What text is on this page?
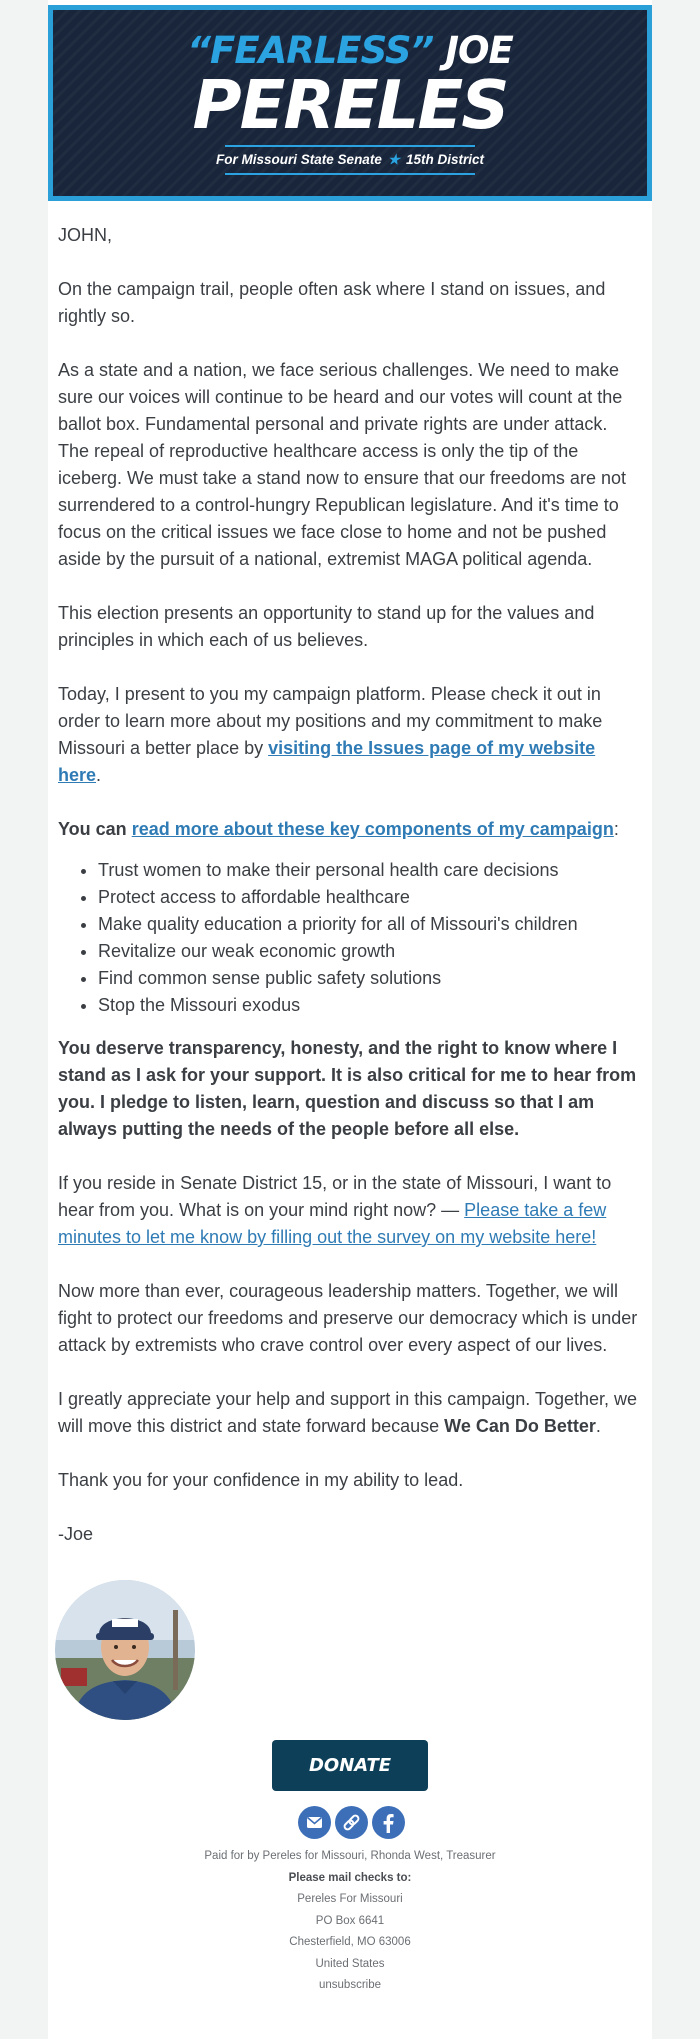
“FEARLESS” JOE
PERELES
For Missouri State Senate ★ 15th District

JOHN,

On the campaign trail, people often ask where I stand on issues, and rightly so.

As a state and a nation, we face serious challenges. We need to make sure our voices will continue to be heard and our votes will count at the ballot box. Fundamental personal and private rights are under attack. The repeal of reproductive healthcare access is only the tip of the iceberg. We must take a stand now to ensure that our freedoms are not surrendered to a control-hungry Republican legislature. And it's time to focus on the critical issues we face close to home and not be pushed aside by the pursuit of a national, extremist MAGA political agenda.

This election presents an opportunity to stand up for the values and principles in which each of us believes.

Today, I present to you my campaign platform. Please check it out in order to learn more about my positions and my commitment to make Missouri a better place by visiting the Issues page of my website here.

You can read more about these key components of my campaign:

• Trust women to make their personal health care decisions
• Protect access to affordable healthcare
• Make quality education a priority for all of Missouri's children
• Revitalize our weak economic growth
• Find common sense public safety solutions
• Stop the Missouri exodus

You deserve transparency, honesty, and the right to know where I stand as I ask for your support. It is also critical for me to hear from you. I pledge to listen, learn, question and discuss so that I am always putting the needs of the people before all else.

If you reside in Senate District 15, or in the state of Missouri, I want to hear from you. What is on your mind right now? — Please take a few minutes to let me know by filling out the survey on my website here!

Now more than ever, courageous leadership matters. Together, we will fight to protect our freedoms and preserve our democracy which is under attack by extremists who crave control over every aspect of our lives.

I greatly appreciate your help and support in this campaign. Together, we will move this district and state forward because We Can Do Better.

Thank you for your confidence in my ability to lead.

-Joe

DONATE
Paid for by Pereles for Missouri, Rhonda West, Treasurer
Please mail checks to:
Pereles For Missouri
PO Box 6641
Chesterfield, MO 63006
United States
unsubscribe
